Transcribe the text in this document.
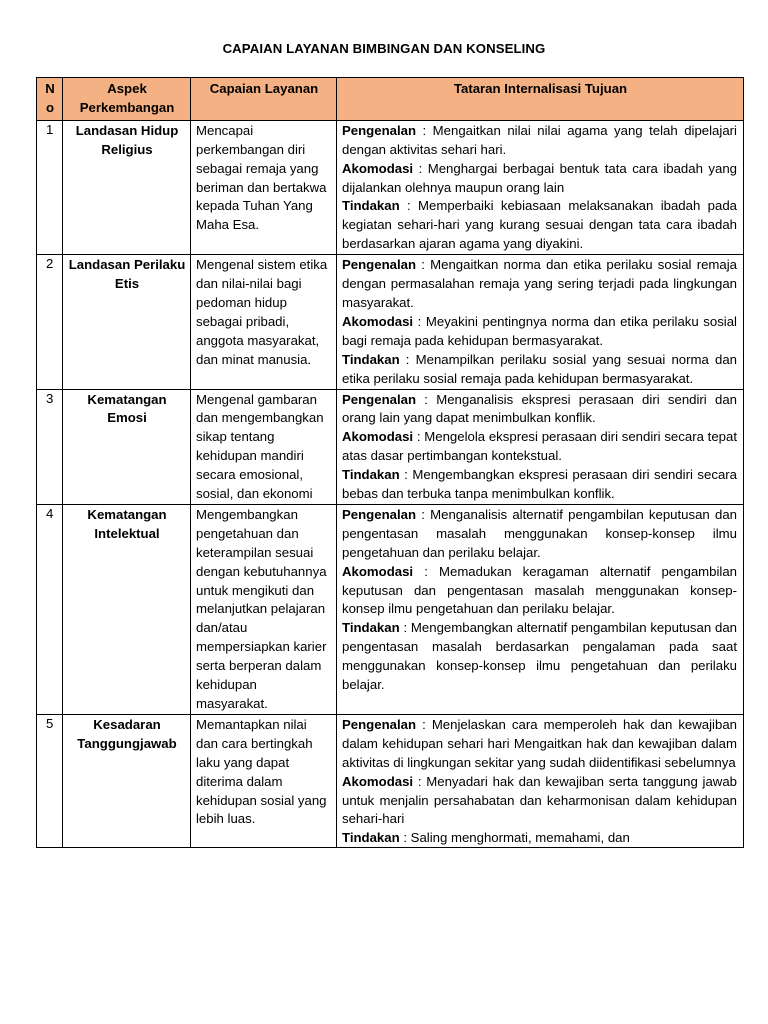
CAPAIAN LAYANAN BIMBINGAN DAN KONSELING
N o	Aspek Perkembangan	Capaian Layanan	Tataran Internalisasi Tujuan
1	Landasan Hidup Religius	Mencapai perkembangan diri sebagai remaja yang beriman dan bertakwa kepada Tuhan Yang Maha Esa.	Pengenalan : Mengaitkan nilai nilai agama yang telah dipelajari dengan aktivitas sehari hari.

Akomodasi : Menghargai berbagai bentuk tata cara ibadah yang dijalankan olehnya maupun orang lain

Tindakan : Memperbaiki kebiasaan melaksanakan ibadah pada kegiatan sehari-hari yang kurang sesuai dengan tata cara ibadah berdasarkan ajaran agama yang diyakini.

2	Landasan Perilaku Etis	Mengenal sistem etika dan nilai-nilai bagi pedoman hidup sebagai pribadi, anggota masyarakat, dan minat manusia.	Pengenalan : Mengaitkan norma dan etika perilaku sosial remaja dengan permasalahan remaja yang sering terjadi pada lingkungan masyarakat.

Akomodasi : Meyakini pentingnya norma dan etika perilaku sosial bagi remaja pada kehidupan bermasyarakat.

Tindakan : Menampilkan perilaku sosial yang sesuai norma dan etika perilaku sosial remaja pada kehidupan bermasyarakat.

3	Kematangan Emosi	Mengenal gambaran dan mengembangkan sikap tentang kehidupan mandiri secara emosional, sosial, dan ekonomi	Pengenalan : Menganalisis ekspresi perasaan diri sendiri dan orang lain yang dapat menimbulkan konflik.

Akomodasi : Mengelola ekspresi perasaan diri sendiri secara tepat atas dasar pertimbangan kontekstual.

Tindakan : Mengembangkan ekspresi perasaan diri sendiri secara bebas dan terbuka tanpa menimbulkan konflik.

4	Kematangan Intelektual	Mengembangkan pengetahuan dan keterampilan sesuai dengan kebutuhannya untuk mengikuti dan melanjutkan pelajaran dan/atau mempersiapkan karier serta berperan dalam kehidupan masyarakat.	Pengenalan : Menganalisis alternatif pengambilan keputusan dan pengentasan masalah menggunakan konsep-konsep ilmu pengetahuan dan perilaku belajar.

Akomodasi : Memadukan keragaman alternatif pengambilan keputusan dan pengentasan masalah menggunakan konsep-konsep ilmu pengetahuan dan perilaku belajar.

Tindakan : Mengembangkan alternatif pengambilan keputusan dan pengentasan masalah berdasarkan pengalaman pada saat menggunakan konsep-konsep ilmu pengetahuan dan perilaku belajar.

5	Kesadaran Tanggungjawab	Memantapkan nilai dan cara bertingkah laku yang dapat diterima dalam kehidupan sosial yang lebih luas.	Pengenalan : Menjelaskan cara memperoleh hak dan kewajiban dalam kehidupan sehari hari Mengaitkan hak dan kewajiban dalam aktivitas di lingkungan sekitar yang sudah diidentifikasi sebelumnya

Akomodasi : Menyadari hak dan kewajiban serta tanggung jawab untuk menjalin persahabatan dan keharmonisan dalam kehidupan sehari-hari

Tindakan : Saling menghormati, memahami, dan
